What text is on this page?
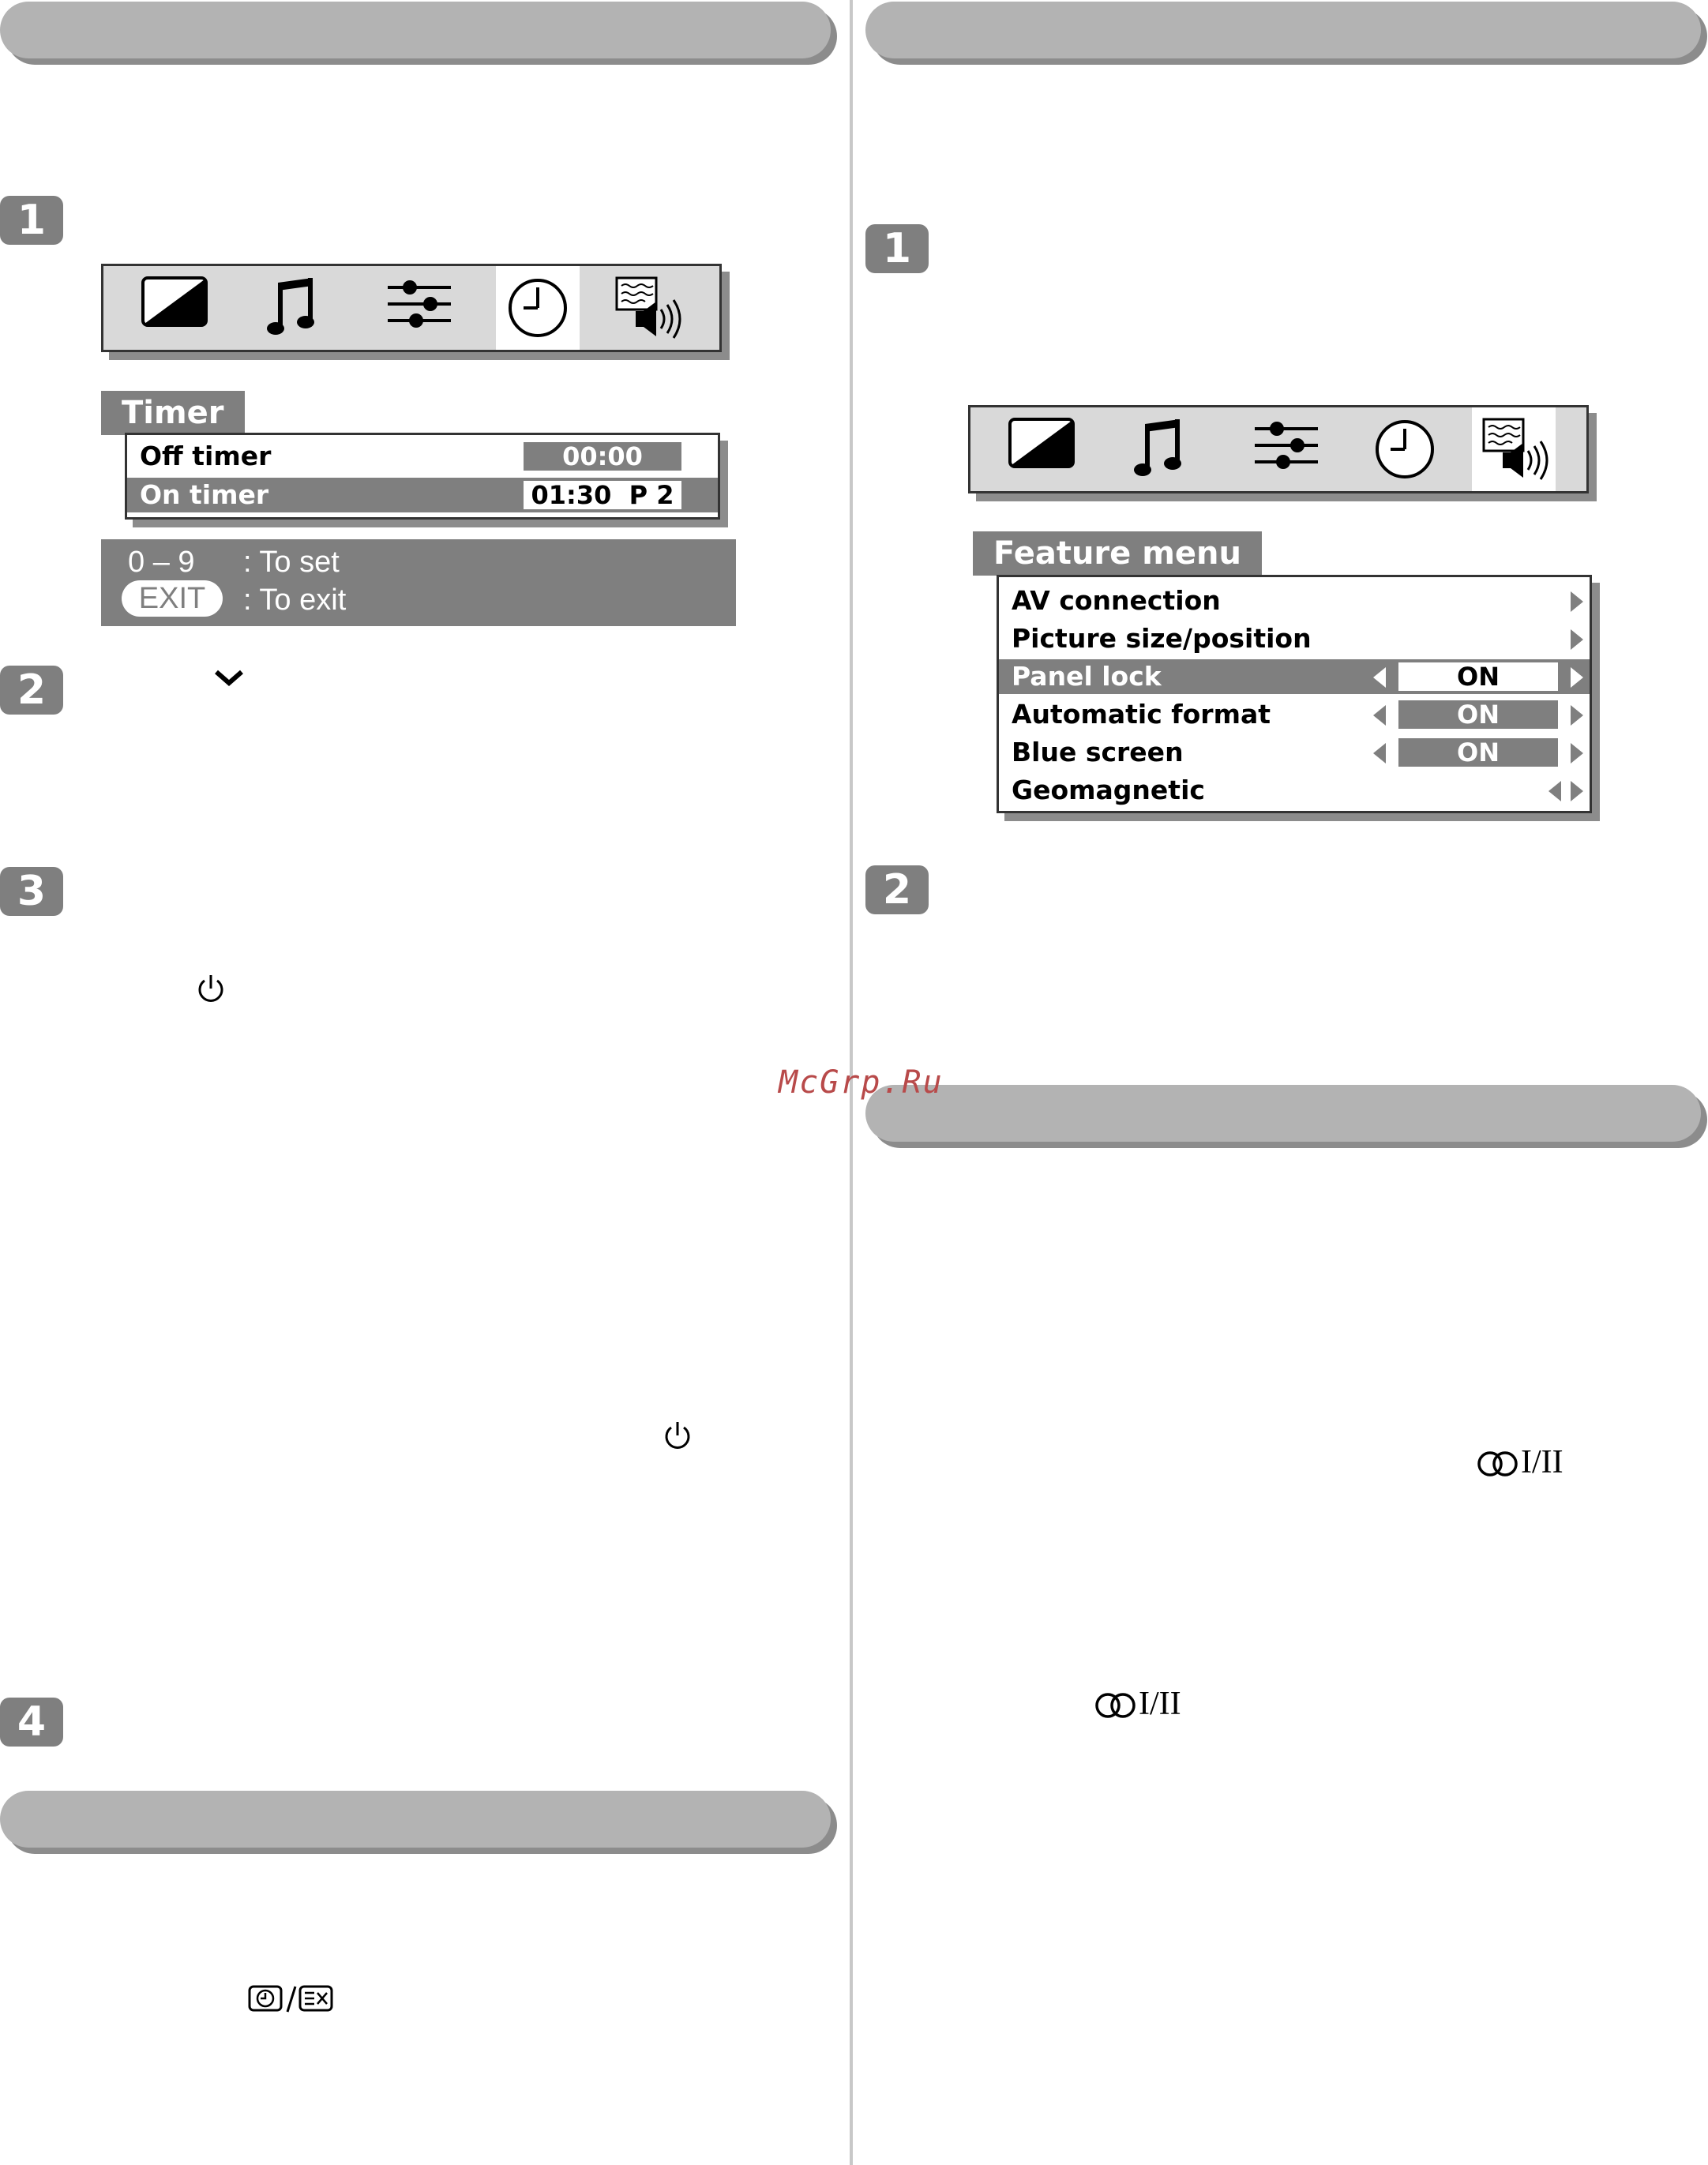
1
Timer
Off timer	00:00
On timer	01:30  P 2
0 – 9 : To set
EXIT	: To exit
2
3
4
1
Feature menu
AV connection
Picture size/position
Panel lock	ON
Automatic format	ON
Blue screen	ON
Geomagnetic
2
McGrp.Ru
I/II
I/II
